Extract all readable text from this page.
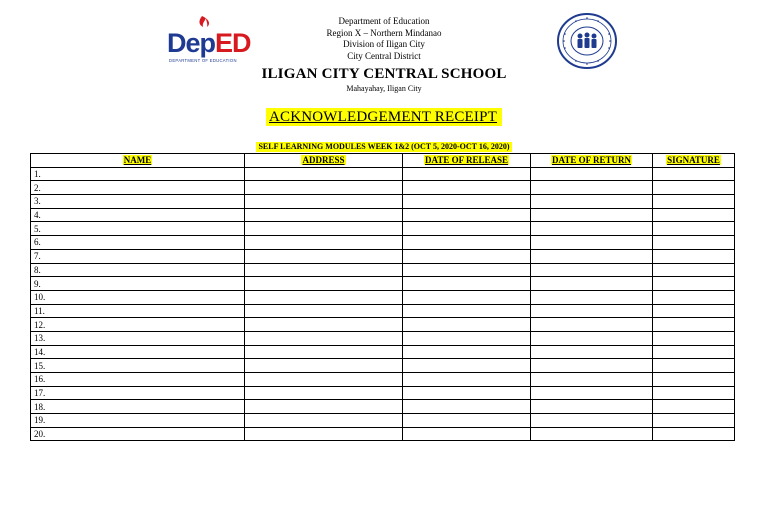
DepED
DEPARTMENT OF EDUCATION
Department of Education
Region X – Northern Mindanao
Division of Iligan City
City Central District
ILIGAN CITY CENTRAL SCHOOL
Mahayahay, Iligan City
ACKNOWLEDGEMENT RECEIPT
SELF LEARNING MODULES WEEK 1&2 (OCT 5, 2020-OCT 16, 2020)
NAME	ADDRESS	DATE OF RELEASE	DATE OF RETURN	SIGNATURE
1.				
2.				
3.				
4.				
5.				
6.				
7.				
8.				
9.				
10.				
11.				
12.				
13.				
14.				
15.				
16.				
17.				
18.				
19.				
20.				
